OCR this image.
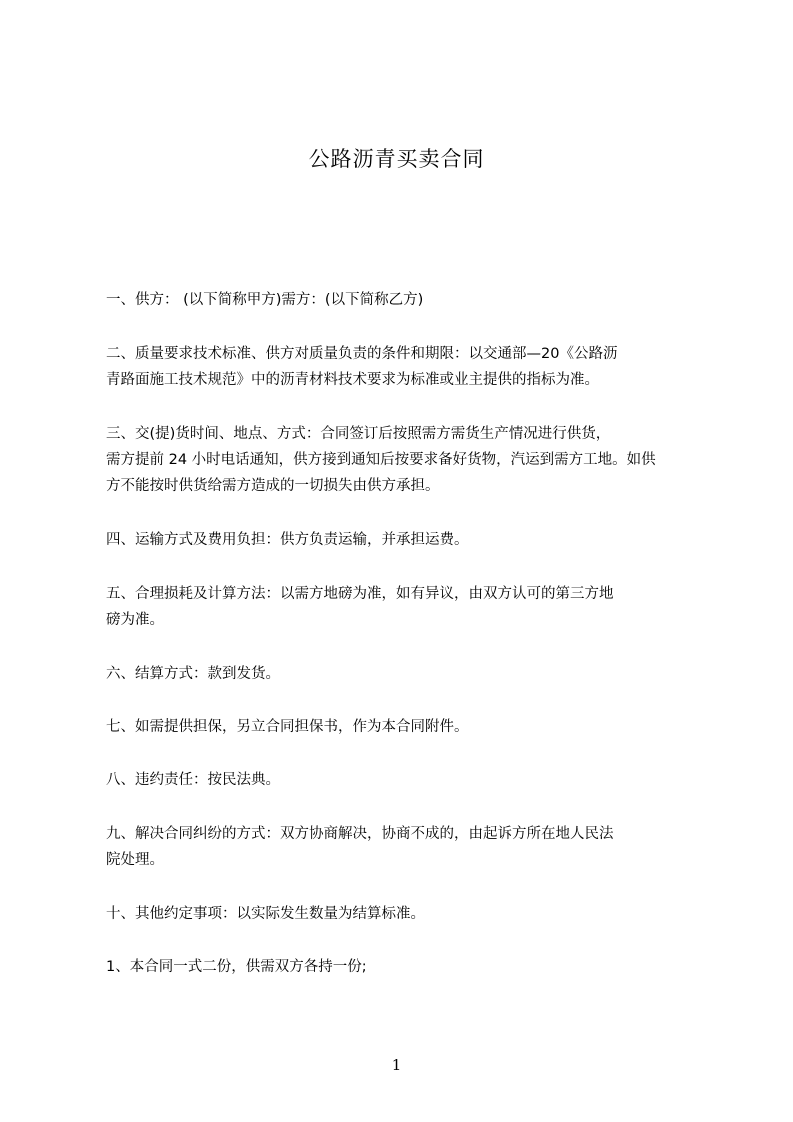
公路沥青买卖合同
一、供方： (以下简称甲方)需方：(以下简称乙方)
二、质量要求技术标准、供方对质量负责的条件和期限：以交通部—20《公路沥
青路面施工技术规范》中的沥青材料技术要求为标准或业主提供的指标为准。
三、交(提)货时间、地点、方式：合同签订后按照需方需货生产情况进行供货，
需方提前 24 小时电话通知，供方接到通知后按要求备好货物，汽运到需方工地。如供
方不能按时供货给需方造成的一切损失由供方承担。
四、运输方式及费用负担：供方负责运输，并承担运费。
五、合理损耗及计算方法：以需方地磅为准，如有异议，由双方认可的第三方地
磅为准。
六、结算方式：款到发货。
七、如需提供担保，另立合同担保书，作为本合同附件。
八、违约责任：按民法典。
九、解决合同纠纷的方式：双方协商解决，协商不成的，由起诉方所在地人民法
院处理。
十、其他约定事项：以实际发生数量为结算标准。
1、本合同一式二份，供需双方各持一份;
1
